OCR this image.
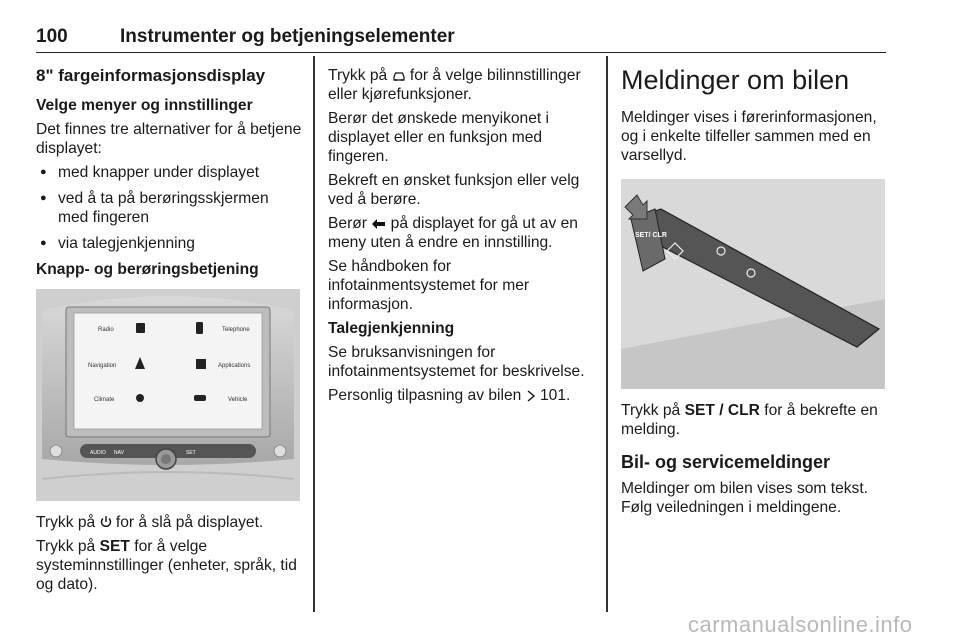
100	Instrumenter og betjeningselementer
8" fargeinformasjonsdisplay

Velge menyer og innstillinger

Det finnes tre alternativer for å betjene displayet:

● med knapper under displayet
● ved å ta på berøringsskjermen med fingeren
● via talegjenkjenning

Knapp- og berøringsbetjening

Radio	Telephone
Navigation	Applications
Climate	Vehicle
AUDIO NAV	SET

Trykk på for å slå på displayet.

Trykk på SET for å velge systeminnstillinger (enheter, språk, tid og dato).

Trykk på for å velge bilinnstillinger eller kjørefunksjoner.

Berør det ønskede menyikonet i displayet eller en funksjon med fingeren.

Bekreft en ønsket funksjon eller velg ved å berøre.

Berør på displayet for gå ut av en meny uten å endre en innstilling.

Se håndboken for infotainmentsystemet for mer informasjon.

Talegjenkjenning

Se bruksanvisningen for infotainmentsystemet for beskrivelse.

Personlig tilpasning av bilen 101.

Meldinger om bilen

Meldinger vises i førerinformasjonen, og i enkelte tilfeller sammen med en varsellyd.

SET/ CLR

Trykk på SET / CLR for å bekrefte en melding.

Bil- og servicemeldinger

Meldinger om bilen vises som tekst. Følg veiledningen i meldingene.

carmanualsonline.info
